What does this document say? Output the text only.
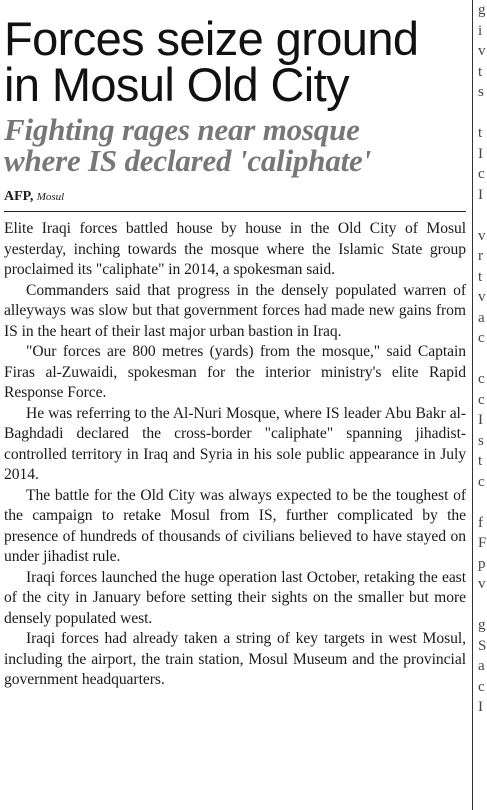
Forces seize ground
in Mosul Old City
Fighting rages near mosque
where IS declared 'caliphate'
AFP, Mosul

Elite Iraqi forces battled house by house in the Old City of Mosul yesterday, inching towards the mosque where the Islamic State group proclaimed its "caliphate" in 2014, a spokesman said.

Commanders said that progress in the densely populated warren of alleyways was slow but that government forces had made new gains from IS in the heart of their last major urban bastion in Iraq.

"Our forces are 800 metres (yards) from the mosque," said Captain Firas al-Zuwaidi, spokesman for the interior ministry's elite Rapid Response Force.

He was referring to the Al-Nuri Mosque, where IS leader Abu Bakr al-Baghdadi declared the cross-border "caliphate" spanning jihadist-controlled territory in Iraq and Syria in his sole public appearance in July 2014.

The battle for the Old City was always expected to be the toughest of the campaign to retake Mosul from IS, further complicated by the presence of hundreds of thousands of civilians believed to have stayed on under jihadist rule.

Iraqi forces launched the huge operation last October, retaking the east of the city in January before setting their sights on the smaller but more densely populated west.

Iraqi forces had already taken a string of key targets in west Mosul, including the airport, the train station, Mosul Museum and the provincial government headquarters.

g
i
v
t
s

t
I
c
I

v
r
t
v
a
c

c
c
I
s
t
c

f
F
p
v

g
S
a
c
I
